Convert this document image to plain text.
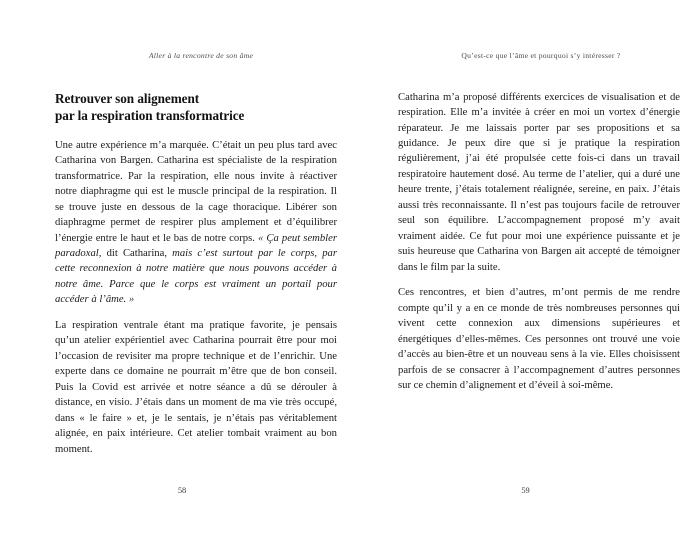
Aller à la rencontre de son âme
Retrouver son alignement
par la respiration transformatrice

Une autre expérience m’a marquée. C’était un peu plus tard avec Catharina von Bargen. Catharina est spécialiste de la respiration transformatrice. Par la respiration, elle nous invite à réactiver notre diaphragme qui est le muscle principal de la respiration. Il se trouve juste en dessous de la cage thoracique. Libérer son diaphragme permet de respirer plus amplement et d’équilibrer l’énergie entre le haut et le bas de notre corps. « Ça peut sembler paradoxal, dit Catharina, mais c’est surtout par le corps, par cette reconnexion à notre matière que nous pouvons accéder à notre âme. Parce que le corps est vraiment un portail pour accéder à l’âme. »

La respiration ventrale étant ma pratique favorite, je pensais qu’un atelier expérientiel avec Catharina pourrait être pour moi l’occasion de revisiter ma propre technique et de l’enrichir. Une experte dans ce domaine ne pourrait m’être que de bon conseil. Puis la Covid est arrivée et notre séance a dû se dérouler à distance, en visio. J’étais dans un moment de ma vie très occupé, dans « le faire » et, je le sentais, je n’étais pas véritablement alignée, en paix intérieure. Cet atelier tombait vraiment au bon moment.

58
Qu’est-ce que l’âme et pourquoi s’y intéresser ?

Catharina m’a proposé différents exercices de visualisation et de respiration. Elle m’a invitée à créer en moi un vortex d’énergie réparateur. Je me laissais porter par ses propositions et sa guidance. Je peux dire que si je pratique la respiration régulièrement, j’ai été propulsée cette fois-ci dans un travail respiratoire hautement dosé. Au terme de l’atelier, qui a duré une heure trente, j’étais totalement réalignée, sereine, en paix. J’étais aussi très reconnaissante. Il n’est pas toujours facile de retrouver seul son équilibre. L’accompagnement proposé m’y avait vraiment aidée. Ce fut pour moi une expérience puissante et je suis heureuse que Catharina von Bargen ait accepté de témoigner dans le film par la suite.

Ces rencontres, et bien d’autres, m’ont permis de me rendre compte qu’il y a en ce monde de très nombreuses personnes qui vivent cette connexion aux dimensions supérieures et énergétiques d’elles-mêmes. Ces personnes ont trouvé une voie d’accès au bien-être et un nouveau sens à la vie. Elles choisissent parfois de se consacrer à l’accompagnement d’autres personnes sur ce chemin d’alignement et d’éveil à soi-même.

59
